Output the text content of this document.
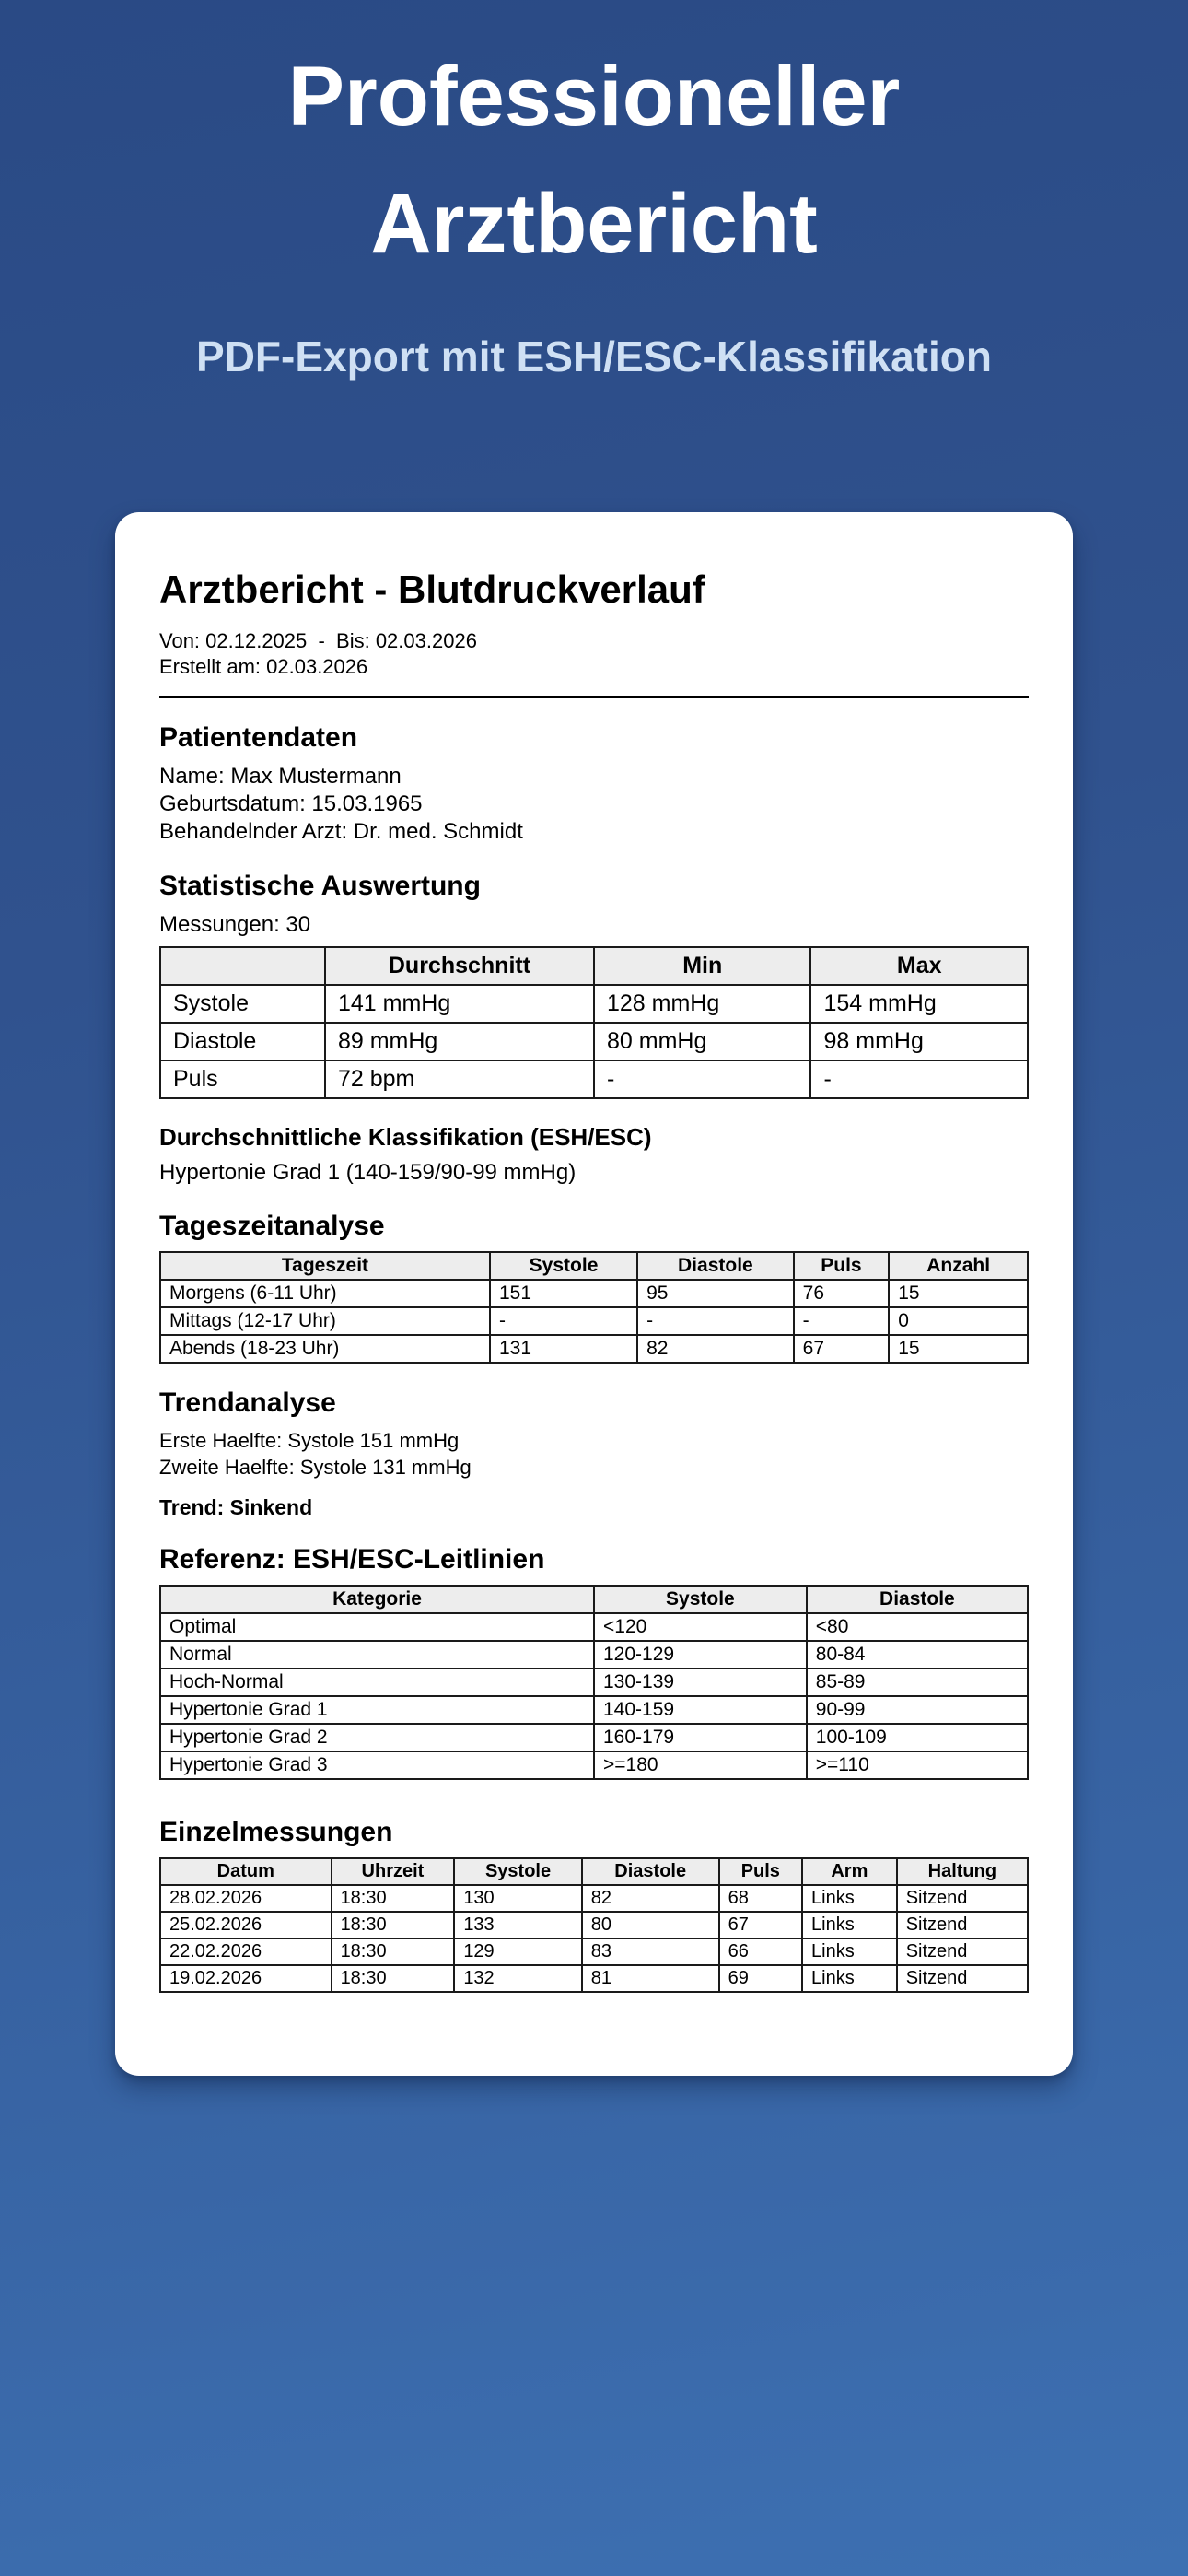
Professioneller Arztbericht
PDF-Export mit ESH/ESC-Klassifikation
Arztbericht - Blutdruckverlauf
Von: 02.12.2025  -  Bis: 02.03.2026
Erstellt am: 02.03.2026
Patientendaten
Name: Max Mustermann
Geburtsdatum: 15.03.1965
Behandelnder Arzt: Dr. med. Schmidt
Statistische Auswertung
Messungen: 30
	Durchschnitt	Min	Max
Systole	141 mmHg	128 mmHg	154 mmHg
Diastole	89 mmHg	80 mmHg	98 mmHg
Puls	72 bpm	-	-
Durchschnittliche Klassifikation (ESH/ESC)
Hypertonie Grad 1 (140-159/90-99 mmHg)
Tageszeitanalyse
Tageszeit	Systole	Diastole	Puls	Anzahl
Morgens (6-11 Uhr)	151	95	76	15
Mittags (12-17 Uhr)	-	-	-	0
Abends (18-23 Uhr)	131	82	67	15
Trendanalyse
Erste Haelfte: Systole 151 mmHg
Zweite Haelfte: Systole 131 mmHg
Trend: Sinkend
Referenz: ESH/ESC-Leitlinien
Kategorie	Systole	Diastole
Optimal	<120	<80
Normal	120-129	80-84
Hoch-Normal	130-139	85-89
Hypertonie Grad 1	140-159	90-99
Hypertonie Grad 2	160-179	100-109
Hypertonie Grad 3	>=180	>=110
Einzelmessungen
Datum	Uhrzeit	Systole	Diastole	Puls	Arm	Haltung
28.02.2026	18:30	130	82	68	Links	Sitzend
25.02.2026	18:30	133	80	67	Links	Sitzend
22.02.2026	18:30	129	83	66	Links	Sitzend
19.02.2026	18:30	132	81	69	Links	Sitzend
